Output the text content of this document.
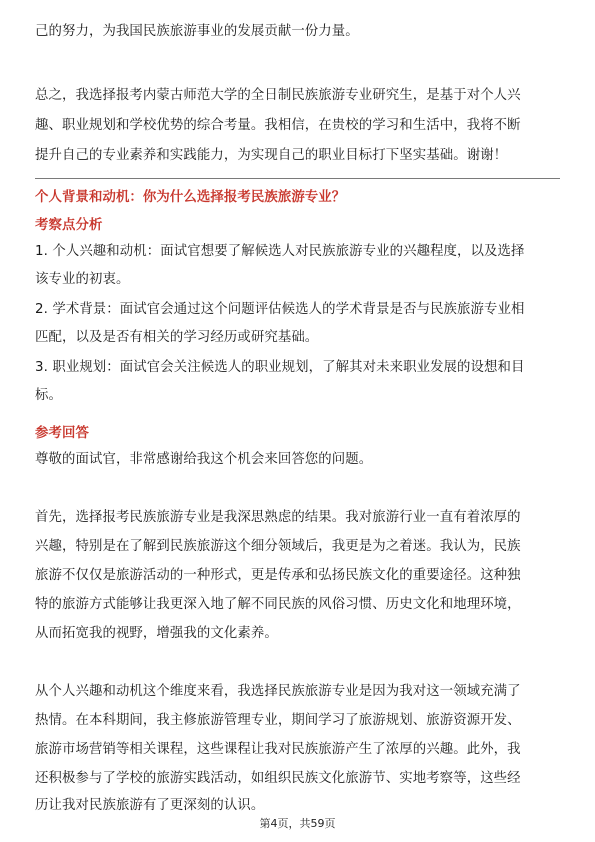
己的努力，为我国民族旅游事业的发展贡献一份力量。
总之，我选择报考内蒙古师范大学的全日制民族旅游专业研究生，是基于对个人兴
趣、职业规划和学校优势的综合考量。我相信，在贵校的学习和生活中，我将不断
提升自己的专业素养和实践能力，为实现自己的职业目标打下坚实基础。谢谢！
个人背景和动机：你为什么选择报考民族旅游专业？
考察点分析
1. 个人兴趣和动机：面试官想要了解候选人对民族旅游专业的兴趣程度，以及选择
该专业的初衷。
2. 学术背景：面试官会通过这个问题评估候选人的学术背景是否与民族旅游专业相
匹配，以及是否有相关的学习经历或研究基础。
3. 职业规划：面试官会关注候选人的职业规划，了解其对未来职业发展的设想和目
标。
参考回答
尊敬的面试官，非常感谢给我这个机会来回答您的问题。
首先，选择报考民族旅游专业是我深思熟虑的结果。我对旅游行业一直有着浓厚的
兴趣，特别是在了解到民族旅游这个细分领域后，我更是为之着迷。我认为，民族
旅游不仅仅是旅游活动的一种形式，更是传承和弘扬民族文化的重要途径。这种独
特的旅游方式能够让我更深入地了解不同民族的风俗习惯、历史文化和地理环境，
从而拓宽我的视野，增强我的文化素养。
从个人兴趣和动机这个维度来看，我选择民族旅游专业是因为我对这一领域充满了
热情。在本科期间，我主修旅游管理专业，期间学习了旅游规划、旅游资源开发、
旅游市场营销等相关课程，这些课程让我对民族旅游产生了浓厚的兴趣。此外，我
还积极参与了学校的旅游实践活动，如组织民族文化旅游节、实地考察等，这些经
历让我对民族旅游有了更深刻的认识。
第4页，共59页
